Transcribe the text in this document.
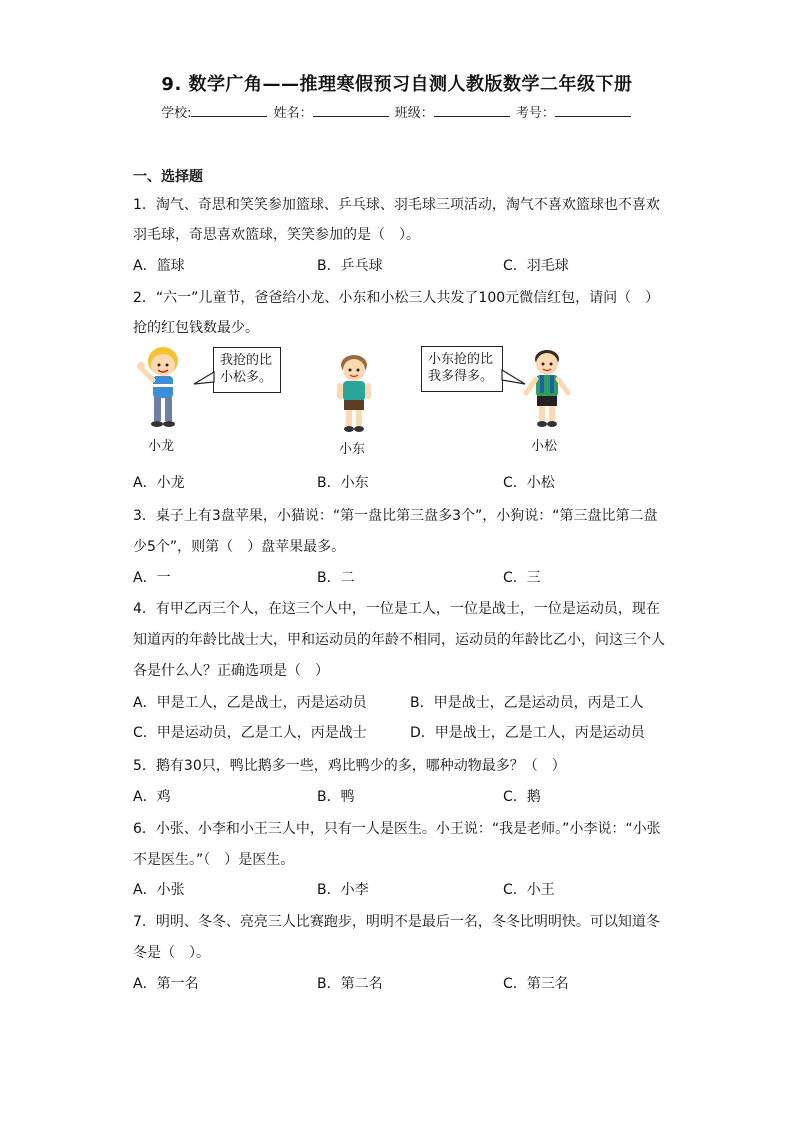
9. 数学广角——推理寒假预习自测人教版数学二年级下册
学校:	姓名：	班级：	考号：
一、选择题
1．淘气、奇思和笑笑参加篮球、乒乓球、羽毛球三项活动，淘气不喜欢篮球也不喜欢
羽毛球，奇思喜欢篮球，笑笑参加的是（　）。
A．篮球	B．乒乓球	C．羽毛球
2．“六一”儿童节，爸爸给小龙、小东和小松三人共发了100元微信红包，请问（　）
抢的红包钱数最少。
我抢的比小松多。
小龙	小东
小东抢的比我多得多。
小松
A．小龙	B．小东	C．小松
3．桌子上有3盘苹果，小猫说：“第一盘比第三盘多3个”，小狗说：“第三盘比第二盘
少5个”，则第（　）盘苹果最多。
A．一	B．二	C．三
4．有甲乙丙三个人，在这三个人中，一位是工人，一位是战士，一位是运动员，现在
知道丙的年龄比战士大，甲和运动员的年龄不相同，运动员的年龄比乙小，问这三个人
各是什么人？正确选项是（　）
A．甲是工人，乙是战士，丙是运动员	B．甲是战士，乙是运动员，丙是工人
C．甲是运动员，乙是工人，丙是战士	D．甲是战士，乙是工人，丙是运动员
5．鹅有30只，鸭比鹅多一些，鸡比鸭少的多，哪种动物最多？（　）
A．鸡	B．鸭	C．鹅
6．小张、小李和小王三人中，只有一人是医生。小王说：“我是老师。”小李说：“小张
不是医生。”（　）是医生。
A．小张	B．小李	C．小王
7．明明、冬冬、亮亮三人比赛跑步，明明不是最后一名，冬冬比明明快。可以知道冬
冬是（　）。
A．第一名	B．第二名	C．第三名
